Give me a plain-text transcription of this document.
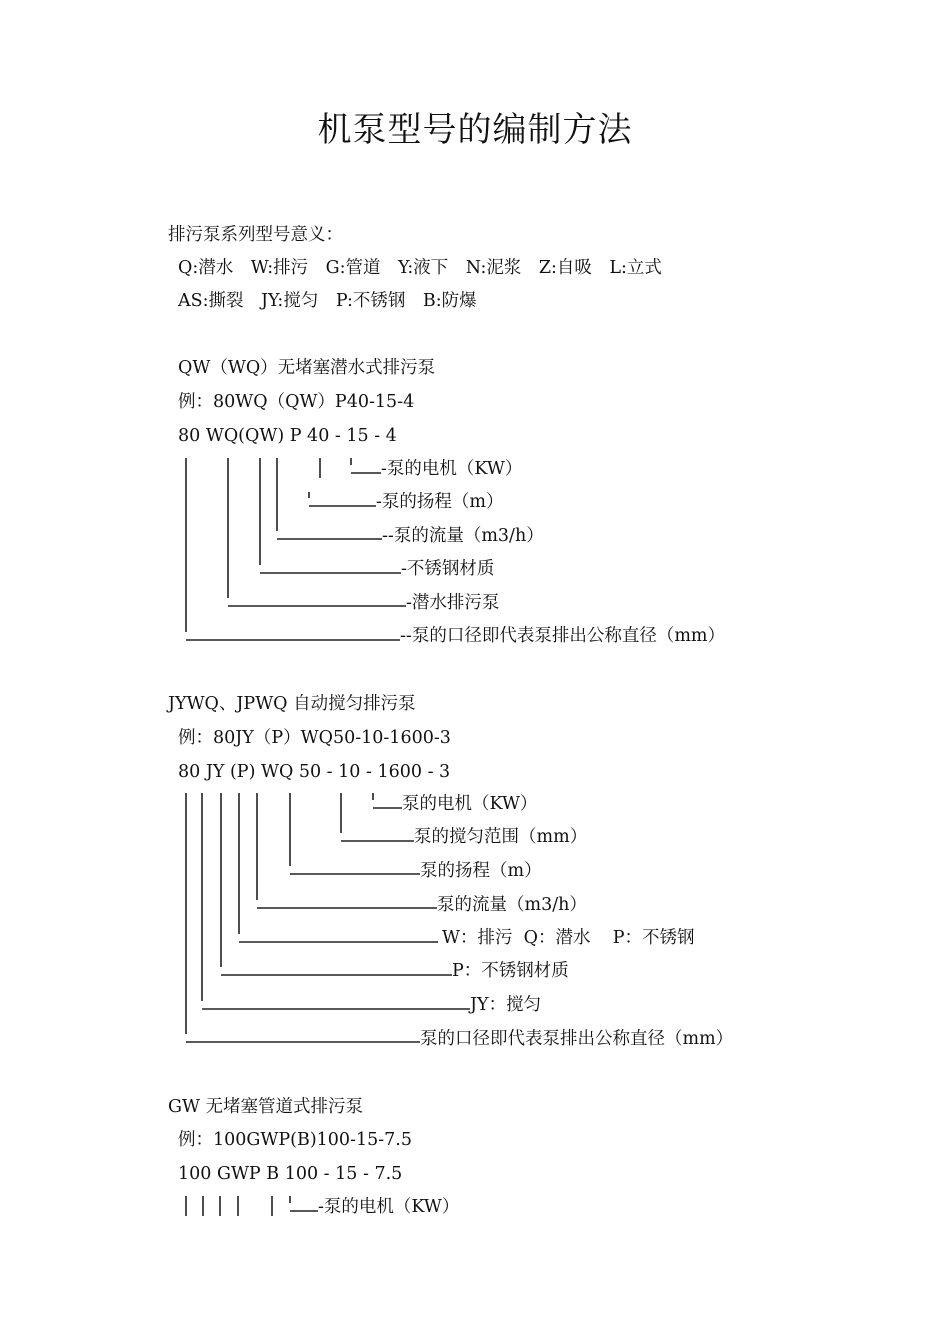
机泵型号的编制方法
排污泵系列型号意义：
Q:潜水　W:排污　G:管道　Y:液下　N:泥浆　Z:自吸　L:立式
AS:撕裂　JY:搅匀　P:不锈钢　B:防爆
QW（WQ）无堵塞潜水式排污泵
例：80WQ（QW）P40-15-4
80 WQ(QW) P 40 - 15 - 4
-泵的电机（KW）
-泵的扬程（m）
--泵的流量（m3/h）
-不锈钢材质
-潜水排污泵
--泵的口径即代表泵排出公称直径（mm）
JYWQ、JPWQ 自动搅匀排污泵
例：80JY（P）WQ50-10-1600-3
80 JY (P) WQ 50 - 10 - 1600 - 3
泵的电机（KW）
泵的搅匀范围（mm）
泵的扬程（m）
泵的流量（m3/h）
W：排污  Q：潜水    P：不锈钢
P：不锈钢材质
JY：搅匀
泵的口径即代表泵排出公称直径（mm）
GW 无堵塞管道式排污泵
例：100GWP(B)100-15-7.5
100 GWP B 100 - 15 - 7.5
-泵的电机（KW）
